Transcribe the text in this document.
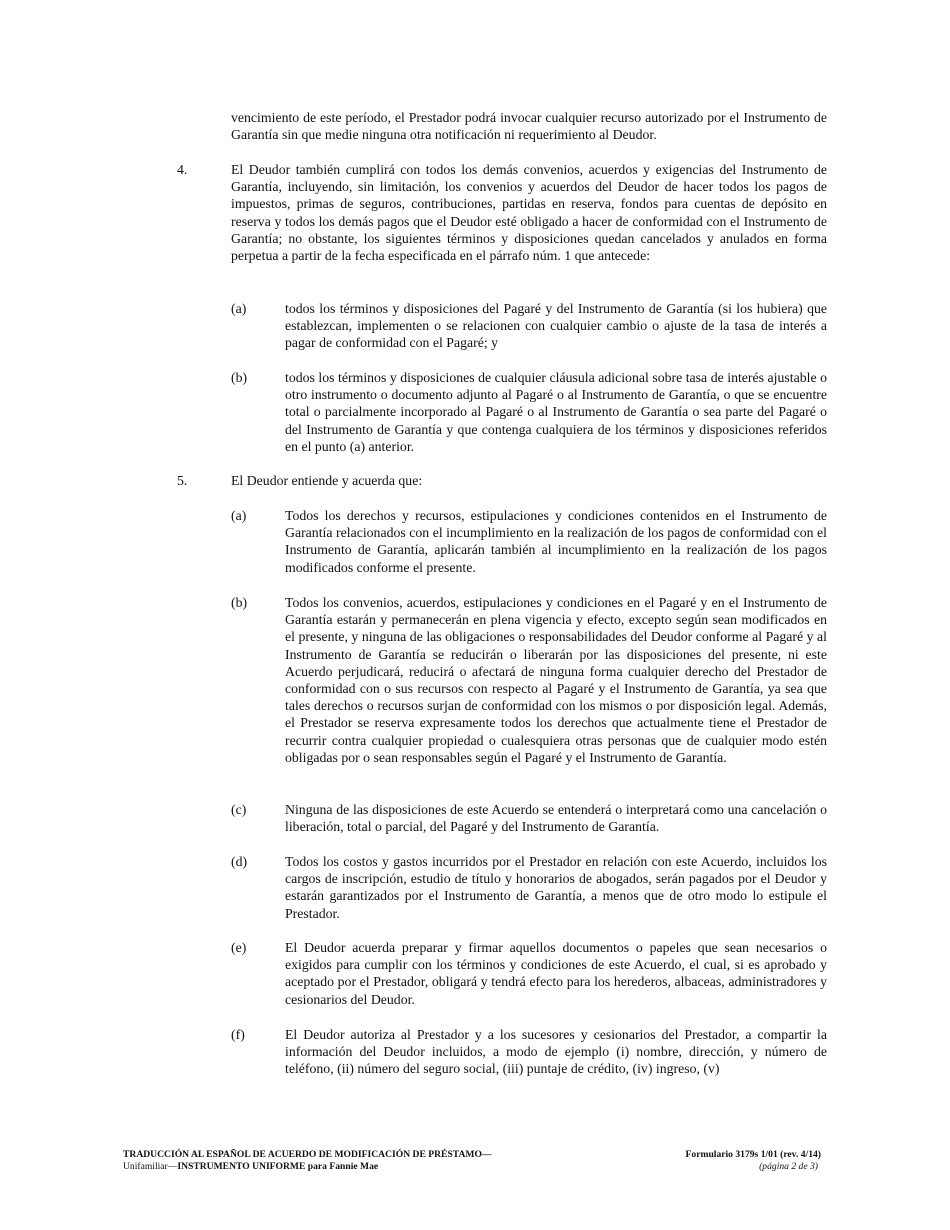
vencimiento de este período, el Prestador podrá invocar cualquier recurso autorizado por el Instrumento de Garantía sin que medie ninguna otra notificación ni requerimiento al Deudor.
4.	El Deudor también cumplirá con todos los demás convenios, acuerdos y exigencias del Instrumento de Garantía, incluyendo, sin limitación, los convenios y acuerdos del Deudor de hacer todos los pagos de impuestos, primas de seguros, contribuciones, partidas en reserva, fondos para cuentas de depósito en reserva y todos los demás pagos que el Deudor esté obligado a hacer de conformidad con el Instrumento de Garantía; no obstante, los siguientes términos y disposiciones quedan cancelados y anulados en forma perpetua a partir de la fecha especificada en el párrafo núm. 1 que antecede:
(a)	todos los términos y disposiciones del Pagaré y del Instrumento de Garantía (si los hubiera) que establezcan, implementen o se relacionen con cualquier cambio o ajuste de la tasa de interés a pagar de conformidad con el Pagaré; y
(b)	todos los términos y disposiciones de cualquier cláusula adicional sobre tasa de interés ajustable o otro instrumento o documento adjunto al Pagaré o al Instrumento de Garantía, o que se encuentre total o parcialmente incorporado al Pagaré o al Instrumento de Garantía o sea parte del Pagaré o del Instrumento de Garantía y que contenga cualquiera de los términos y disposiciones referidos en el punto (a) anterior.
5.	El Deudor entiende y acuerda que:
(a)	Todos los derechos y recursos, estipulaciones y condiciones contenidos en el Instrumento de Garantía relacionados con el incumplimiento en la realización de los pagos de conformidad con el Instrumento de Garantía, aplicarán también al incumplimiento en la realización de los pagos modificados conforme el presente.
(b)	Todos los convenios, acuerdos, estipulaciones y condiciones en el Pagaré y en el Instrumento de Garantía estarán y permanecerán en plena vigencia y efecto, excepto según sean modificados en el presente, y ninguna de las obligaciones o responsabilidades del Deudor conforme al Pagaré y al Instrumento de Garantía se reducirán o liberarán por las disposiciones del presente, ni este Acuerdo perjudicará, reducirá o afectará de ninguna forma cualquier derecho del Prestador de conformidad con o sus recursos con respecto al Pagaré y el Instrumento de Garantía, ya sea que tales derechos o recursos surjan de conformidad con los mismos o por disposición legal. Además, el Prestador se reserva expresamente todos los derechos que actualmente tiene el Prestador de recurrir contra cualquier propiedad o cualesquiera otras personas que de cualquier modo estén obligadas por o sean responsables según el Pagaré y el Instrumento de Garantía.
(c)	Ninguna de las disposiciones de este Acuerdo se entenderá o interpretará como una cancelación o liberación, total o parcial, del Pagaré y del Instrumento de Garantía.
(d)	Todos los costos y gastos incurridos por el Prestador en relación con este Acuerdo, incluidos los cargos de inscripción, estudio de título y honorarios de abogados, serán pagados por el Deudor y estarán garantizados por el Instrumento de Garantía, a menos que de otro modo lo estipule el Prestador.
(e)	El Deudor acuerda preparar y firmar aquellos documentos o papeles que sean necesarios o exigidos para cumplir con los términos y condiciones de este Acuerdo, el cual, si es aprobado y aceptado por el Prestador, obligará y tendrá efecto para los herederos, albaceas, administradores y cesionarios del Deudor.
(f)	El Deudor autoriza al Prestador y a los sucesores y cesionarios del Prestador, a compartir la información del Deudor incluidos, a modo de ejemplo (i) nombre, dirección, y número de teléfono, (ii) número del seguro social, (iii) puntaje de crédito, (iv) ingreso, (v)
TRADUCCIÓN AL ESPAÑOL DE ACUERDO DE MODIFICACIÓN DE PRÉSTAMO—
Unifamiliar—INSTRUMENTO UNIFORME para Fannie Mae
Formulario 3179s 1/01 (rev. 4/14)
(página 2 de 3)
